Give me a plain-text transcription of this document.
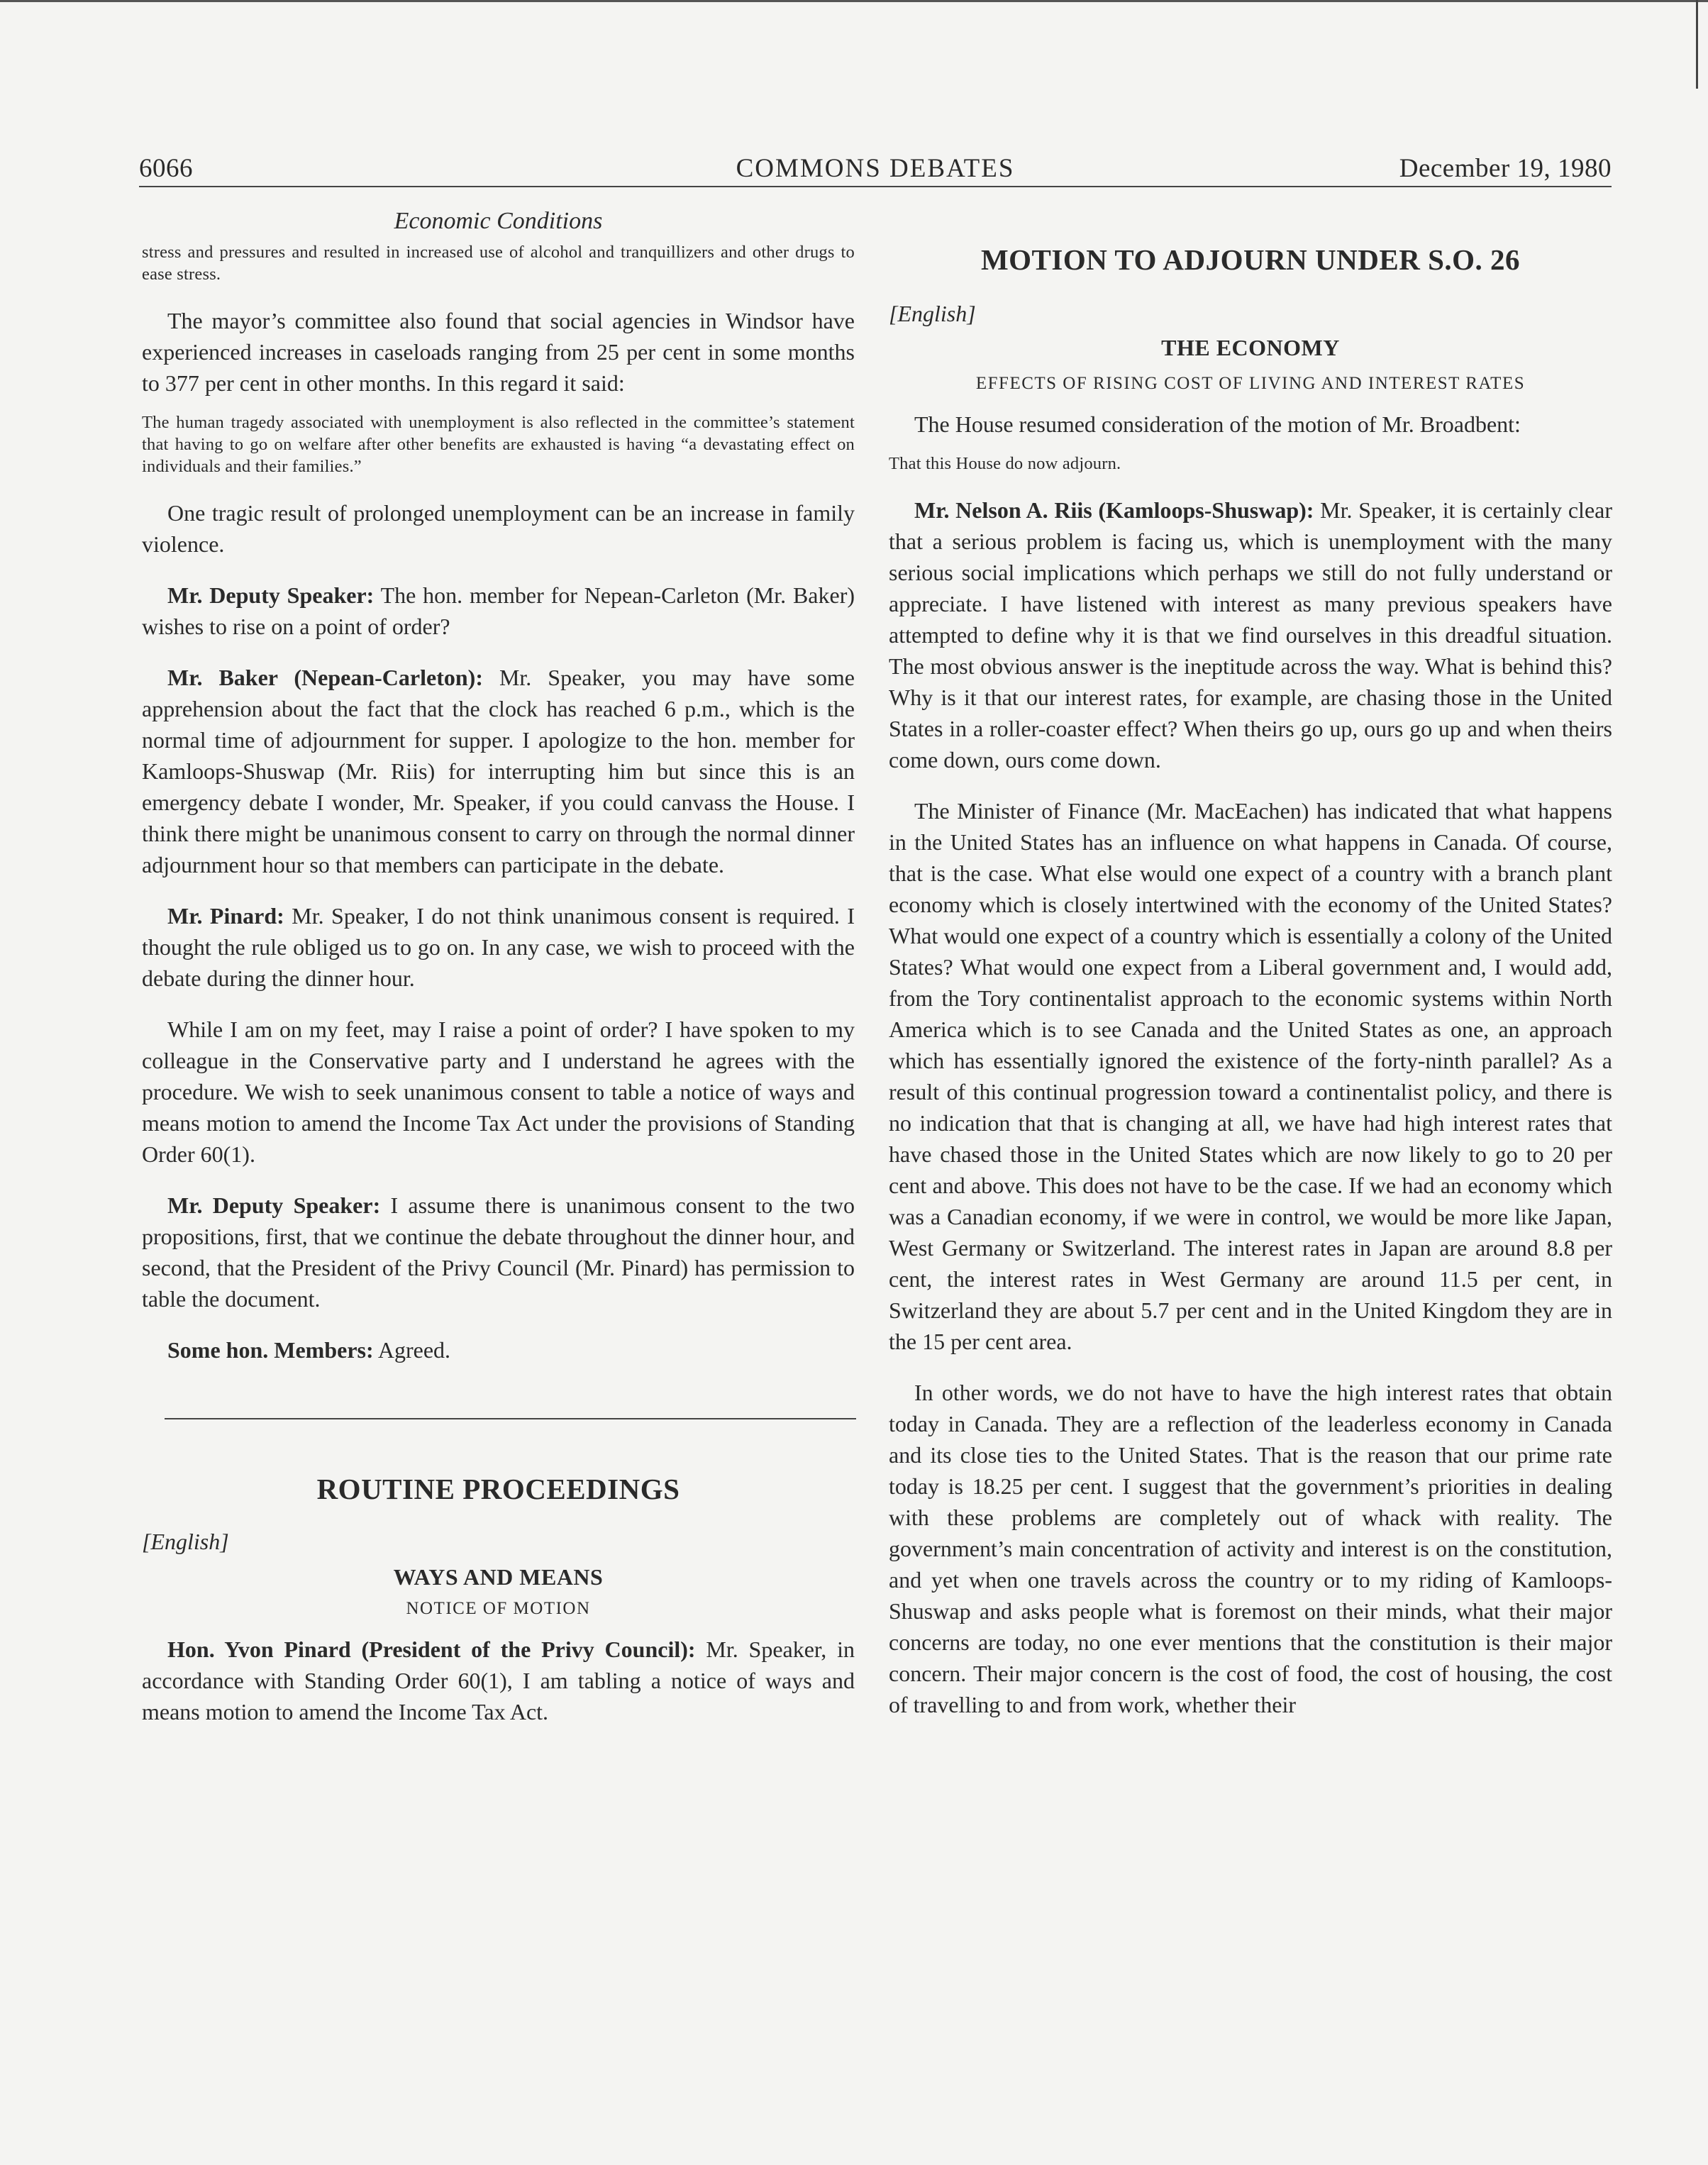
COMMONS DEBATES
6066	December 19, 1980
Economic Conditions

stress and pressures and resulted in increased use of alcohol and tranquillizers and other drugs to ease stress.

The mayor’s committee also found that social agencies in Windsor have experienced increases in caseloads ranging from 25 per cent in some months to 377 per cent in other months. In this regard it said:

The human tragedy associated with unemployment is also reflected in the committee’s statement that having to go on welfare after other benefits are exhausted is having “a devastating effect on individuals and their families.”

One tragic result of prolonged unemployment can be an increase in family violence.

Mr. Deputy Speaker: The hon. member for Nepean-Carleton (Mr. Baker) wishes to rise on a point of order?

Mr. Baker (Nepean-Carleton): Mr. Speaker, you may have some apprehension about the fact that the clock has reached 6 p.m., which is the normal time of adjournment for supper. I apologize to the hon. member for Kamloops-Shuswap (Mr. Riis) for interrupting him but since this is an emergency debate I wonder, Mr. Speaker, if you could canvass the House. I think there might be unanimous consent to carry on through the normal dinner adjournment hour so that members can participate in the debate.

Mr. Pinard: Mr. Speaker, I do not think unanimous consent is required. I thought the rule obliged us to go on. In any case, we wish to proceed with the debate during the dinner hour.

While I am on my feet, may I raise a point of order? I have spoken to my colleague in the Conservative party and I understand he agrees with the procedure. We wish to seek unanimous consent to table a notice of ways and means motion to amend the Income Tax Act under the provisions of Standing Order 60(1).

Mr. Deputy Speaker: I assume there is unanimous consent to the two propositions, first, that we continue the debate throughout the dinner hour, and second, that the President of the Privy Council (Mr. Pinard) has permission to table the document.

Some hon. Members: Agreed.

ROUTINE PROCEEDINGS

[English]

WAYS AND MEANS
NOTICE OF MOTION

Hon. Yvon Pinard (President of the Privy Council): Mr. Speaker, in accordance with Standing Order 60(1), I am tabling a notice of ways and means motion to amend the Income Tax Act.

MOTION TO ADJOURN UNDER S.O. 26

[English]

THE ECONOMY
EFFECTS OF RISING COST OF LIVING AND INTEREST RATES

The House resumed consideration of the motion of Mr. Broadbent:

That this House do now adjourn.

Mr. Nelson A. Riis (Kamloops-Shuswap): Mr. Speaker, it is certainly clear that a serious problem is facing us, which is unemployment with the many serious social implications which perhaps we still do not fully understand or appreciate. I have listened with interest as many previous speakers have attempted to define why it is that we find ourselves in this dreadful situation. The most obvious answer is the ineptitude across the way. What is behind this? Why is it that our interest rates, for example, are chasing those in the United States in a roller-coaster effect? When theirs go up, ours go up and when theirs come down, ours come down.

The Minister of Finance (Mr. MacEachen) has indicated that what happens in the United States has an influence on what happens in Canada. Of course, that is the case. What else would one expect of a country with a branch plant economy which is closely intertwined with the economy of the United States? What would one expect of a country which is essentially a colony of the United States? What would one expect from a Liberal government and, I would add, from the Tory continentalist approach to the economic systems within North America which is to see Canada and the United States as one, an approach which has essentially ignored the existence of the forty-ninth parallel? As a result of this continual progression toward a continentalist policy, and there is no indication that that is changing at all, we have had high interest rates that have chased those in the United States which are now likely to go to 20 per cent and above. This does not have to be the case. If we had an economy which was a Canadian economy, if we were in control, we would be more like Japan, West Germany or Switzerland. The interest rates in Japan are around 8.8 per cent, the interest rates in West Germany are around 11.5 per cent, in Switzerland they are about 5.7 per cent and in the United Kingdom they are in the 15 per cent area.

In other words, we do not have to have the high interest rates that obtain today in Canada. They are a reflection of the leaderless economy in Canada and its close ties to the United States. That is the reason that our prime rate today is 18.25 per cent. I suggest that the government’s priorities in dealing with these problems are completely out of whack with reality. The government’s main concentration of activity and interest is on the constitution, and yet when one travels across the country or to my riding of Kamloops-Shuswap and asks people what is foremost on their minds, what their major concerns are today, no one ever mentions that the constitution is their major concern. Their major concern is the cost of food, the cost of housing, the cost of travelling to and from work, whether their
